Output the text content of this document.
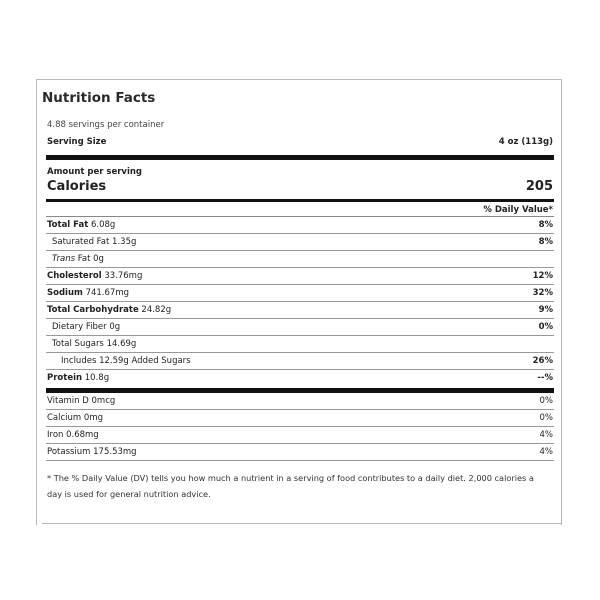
Nutrition Facts
4.88 servings per container
Serving Size	4 oz (113g)
Amount per serving
Calories	205
% Daily Value*
Total Fat 6.08g	8%
Saturated Fat 1.35g	8%
Trans Fat 0g
Cholesterol 33.76mg	12%
Sodium 741.67mg	32%
Total Carbohydrate 24.82g	9%
Dietary Fiber 0g	0%
Total Sugars 14.69g
Includes 12.59g Added Sugars	26%
Protein 10.8g	--%
Vitamin D 0mcg	0%
Calcium 0mg	0%
Iron 0.68mg	4%
Potassium 175.53mg	4%
* The % Daily Value (DV) tells you how much a nutrient in a serving of food contributes to a daily diet. 2,000 calories a day is used for general nutrition advice.
